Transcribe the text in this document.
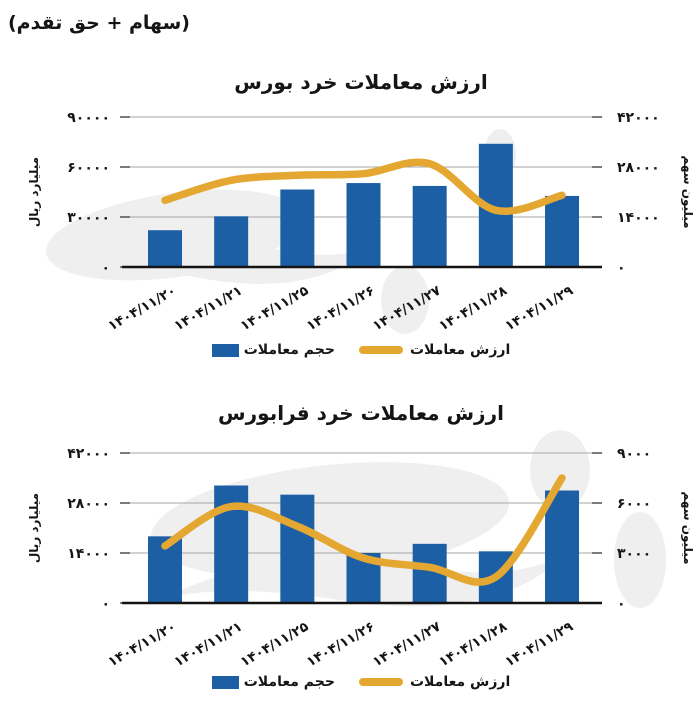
۹۰۰۰۰	۴۲۰۰۰
۶۰۰۰۰	۲۸۰۰۰
۳۰۰۰۰	۱۴۰۰۰
۰	۰
میلیارد ریال	میلیون سهم
۱۴۰۴/۱۱/۲۰
۱۴۰۴/۱۱/۲۱
۱۴۰۴/۱۱/۲۵
۱۴۰۴/۱۱/۲۶
۱۴۰۴/۱۱/۲۷
۱۴۰۴/۱۱/۲۸
۱۴۰۴/۱۱/۲۹
۴۲۰۰۰	۹۰۰۰
۲۸۰۰۰	۶۰۰۰
۱۴۰۰۰	۳۰۰۰
۰	۰
میلیارد ریال	میلیون سهم
۱۴۰۴/۱۱/۲۰
۱۴۰۴/۱۱/۲۱
۱۴۰۴/۱۱/۲۵
۱۴۰۴/۱۱/۲۶
۱۴۰۴/۱۱/۲۷
۱۴۰۴/۱۱/۲۸
۱۴۰۴/۱۱/۲۹
(سهام + حق تقدم)
ارزش معاملات خرد بورس
حجم معاملات	ارزش معاملات
ارزش معاملات خرد فرابورس
حجم معاملات	ارزش معاملات
